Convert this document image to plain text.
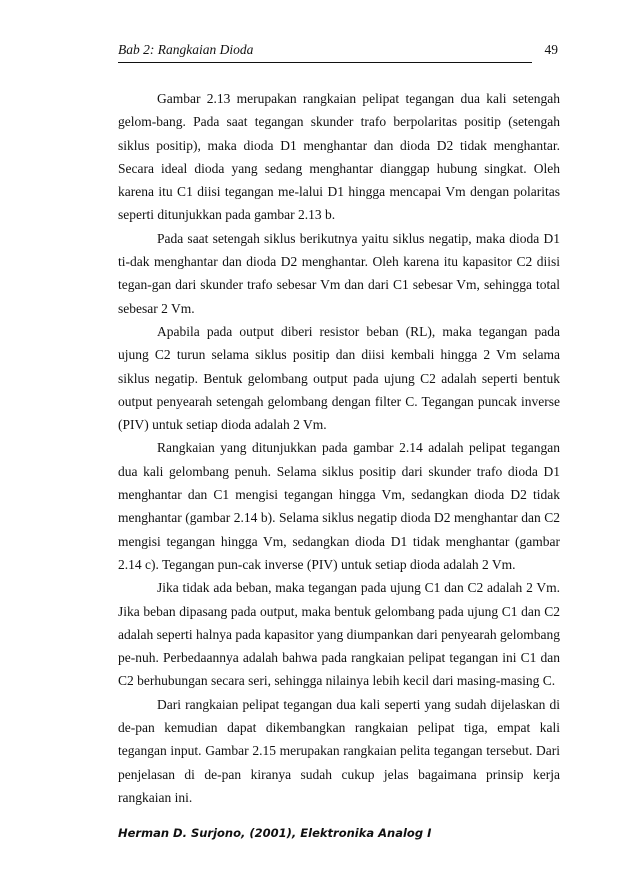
Bab 2: Rangkaian Dioda	49

Gambar 2.13 merupakan rangkaian pelipat tegangan dua kali setengah gelom-bang. Pada saat tegangan skunder trafo berpolaritas positip (setengah siklus positip), maka dioda D1 menghantar dan dioda D2 tidak menghantar. Secara ideal dioda yang sedang menghantar dianggap hubung singkat. Oleh karena itu C1 diisi tegangan me-lalui D1 hingga mencapai Vm dengan polaritas seperti ditunjukkan pada gambar 2.13 b.

Pada saat setengah siklus berikutnya yaitu siklus negatip, maka dioda D1 ti-dak menghantar dan dioda D2 menghantar. Oleh karena itu kapasitor C2 diisi tegan-gan dari skunder trafo sebesar Vm dan dari C1 sebesar Vm, sehingga total sebesar 2 Vm.

Apabila pada output diberi resistor beban (RL), maka tegangan pada ujung C2 turun selama siklus positip dan diisi kembali hingga 2 Vm selama siklus negatip. Bentuk gelombang output pada ujung C2 adalah seperti bentuk output penyearah setengah gelombang dengan filter C. Tegangan puncak inverse (PIV) untuk setiap dioda adalah 2 Vm.

Rangkaian yang ditunjukkan pada gambar 2.14 adalah pelipat tegangan dua kali gelombang penuh. Selama siklus positip dari skunder trafo dioda D1 menghantar dan C1 mengisi tegangan hingga Vm, sedangkan dioda D2 tidak menghantar (gambar 2.14 b). Selama siklus negatip dioda D2 menghantar dan C2 mengisi tegangan hingga Vm, sedangkan dioda D1 tidak menghantar (gambar 2.14 c). Tegangan pun-cak inverse (PIV) untuk setiap dioda adalah 2 Vm.

Jika tidak ada beban, maka tegangan pada ujung C1 dan C2 adalah 2 Vm. Jika beban dipasang pada output, maka bentuk gelombang pada ujung C1 dan C2 adalah seperti halnya pada kapasitor yang diumpankan dari penyearah gelombang pe-nuh. Perbedaannya adalah bahwa pada rangkaian pelipat tegangan ini C1 dan C2 berhubungan secara seri, sehingga nilainya lebih kecil dari masing-masing C.

Dari rangkaian pelipat tegangan dua kali seperti yang sudah dijelaskan di de-pan kemudian dapat dikembangkan rangkaian pelipat tiga, empat kali tegangan input. Gambar 2.15 merupakan rangkaian pelita tegangan tersebut. Dari penjelasan di de-pan kiranya sudah cukup jelas bagaimana prinsip kerja rangkaian ini.

Herman D. Surjono, (2001), Elektronika Analog I
